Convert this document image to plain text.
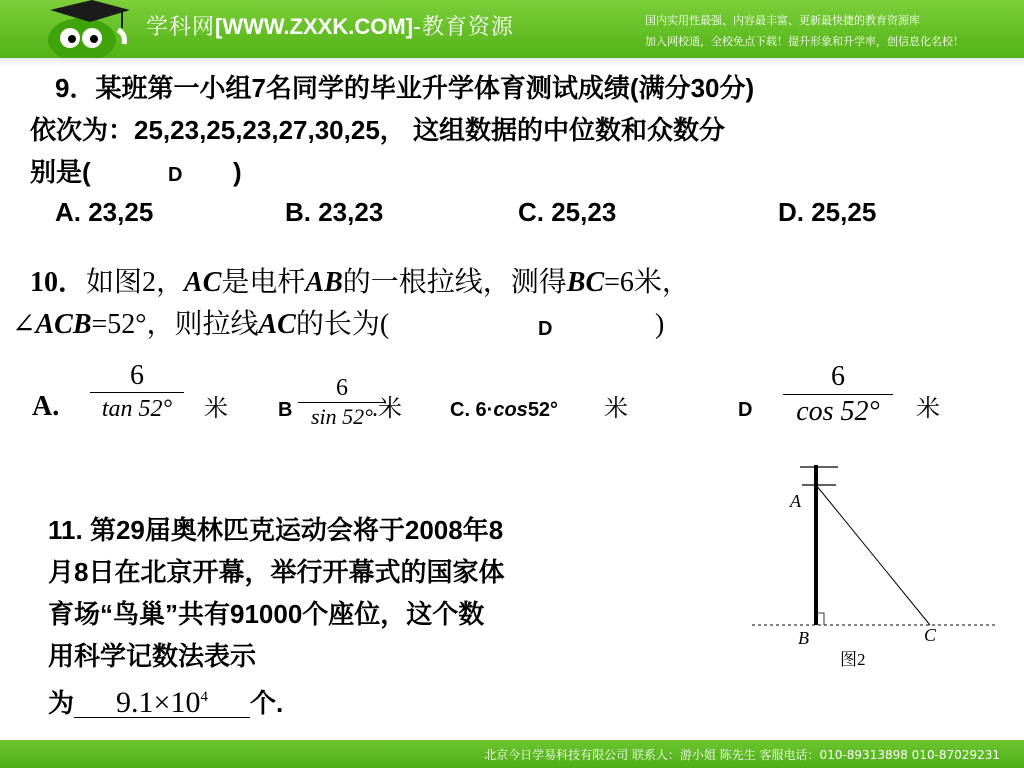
学科网[WWW.ZXXK.COM]-教育资源	国内实用性最强、内容最丰富、更新最快捷的教育资源库
加入网校通，全校免点下载！提升形象和升学率，创信息化名校！
9．某班第一小组7名同学的毕业升学体育测试成绩(满分30分)
依次为：25,23,25,23,27,30,25， 这组数据的中位数和众数分
别是(	D )
A. 23,25	B. 23,23	C. 25,23	D. 25,25
10．如图2，AC是电杆AB的一根拉线，测得BC=6米，
∠ACB=52°，则拉线AC的长为(	D	)
A.
6
tan 52°	米	B
6
sin 52° .米 C. 6·cos52° 米	D
6
cos 52°	米
A
B	C
图2
11. 第29届奥林匹克运动会将于2008年8
月8日在北京开幕，举行开幕式的国家体
育场“鸟巢”共有91000个座位，这个数
用科学记数法表示
为 $9.1\times 10^4$ 个.
北京今日学易科技有限公司 联系人：游小姐 陈先生 客服电话：010-89313898 010-87029231
